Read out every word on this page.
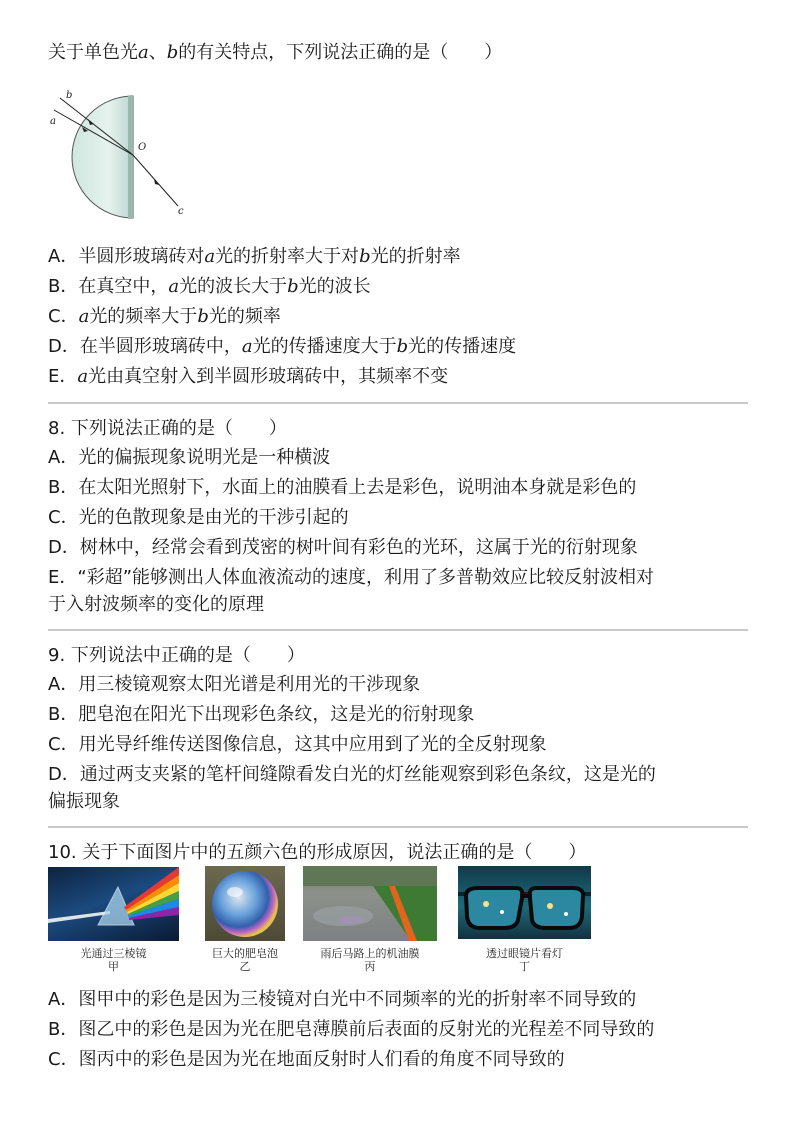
关于单色光a、b的有关特点，下列说法正确的是（　　）
b
a
O
c
A．半圆形玻璃砖对a光的折射率大于对b光的折射率
B．在真空中，a光的波长大于b光的波长
C．a光的频率大于b光的频率
D．在半圆形玻璃砖中，a光的传播速度大于b光的传播速度
E．a光由真空射入到半圆形玻璃砖中，其频率不变
8. 下列说法正确的是（　　）
A．光的偏振现象说明光是一种横波
B．在太阳光照射下，水面上的油膜看上去是彩色，说明油本身就是彩色的
C．光的色散现象是由光的干涉引起的
D．树林中，经常会看到茂密的树叶间有彩色的光环，这属于光的衍射现象
E．“彩超”能够测出人体血液流动的速度，利用了多普勒效应比较反射波相对
于入射波频率的变化的原理
9. 下列说法中正确的是（　　）
A．用三棱镜观察太阳光谱是利用光的干涉现象
B．肥皂泡在阳光下出现彩色条纹，这是光的衍射现象
C．用光导纤维传送图像信息，这其中应用到了光的全反射现象
D．通过两支夹紧的笔杆间缝隙看发白光的灯丝能观察到彩色条纹，这是光的
偏振现象
10. 关于下面图片中的五颜六色的形成原因，说法正确的是（　　）
光通过三棱镜
甲
巨大的肥皂泡
乙
雨后马路上的机油膜
丙
透过眼镜片看灯
丁
A．图甲中的彩色是因为三棱镜对白光中不同频率的光的折射率不同导致的
B．图乙中的彩色是因为光在肥皂薄膜前后表面的反射光的光程差不同导致的
C．图丙中的彩色是因为光在地面反射时人们看的角度不同导致的
